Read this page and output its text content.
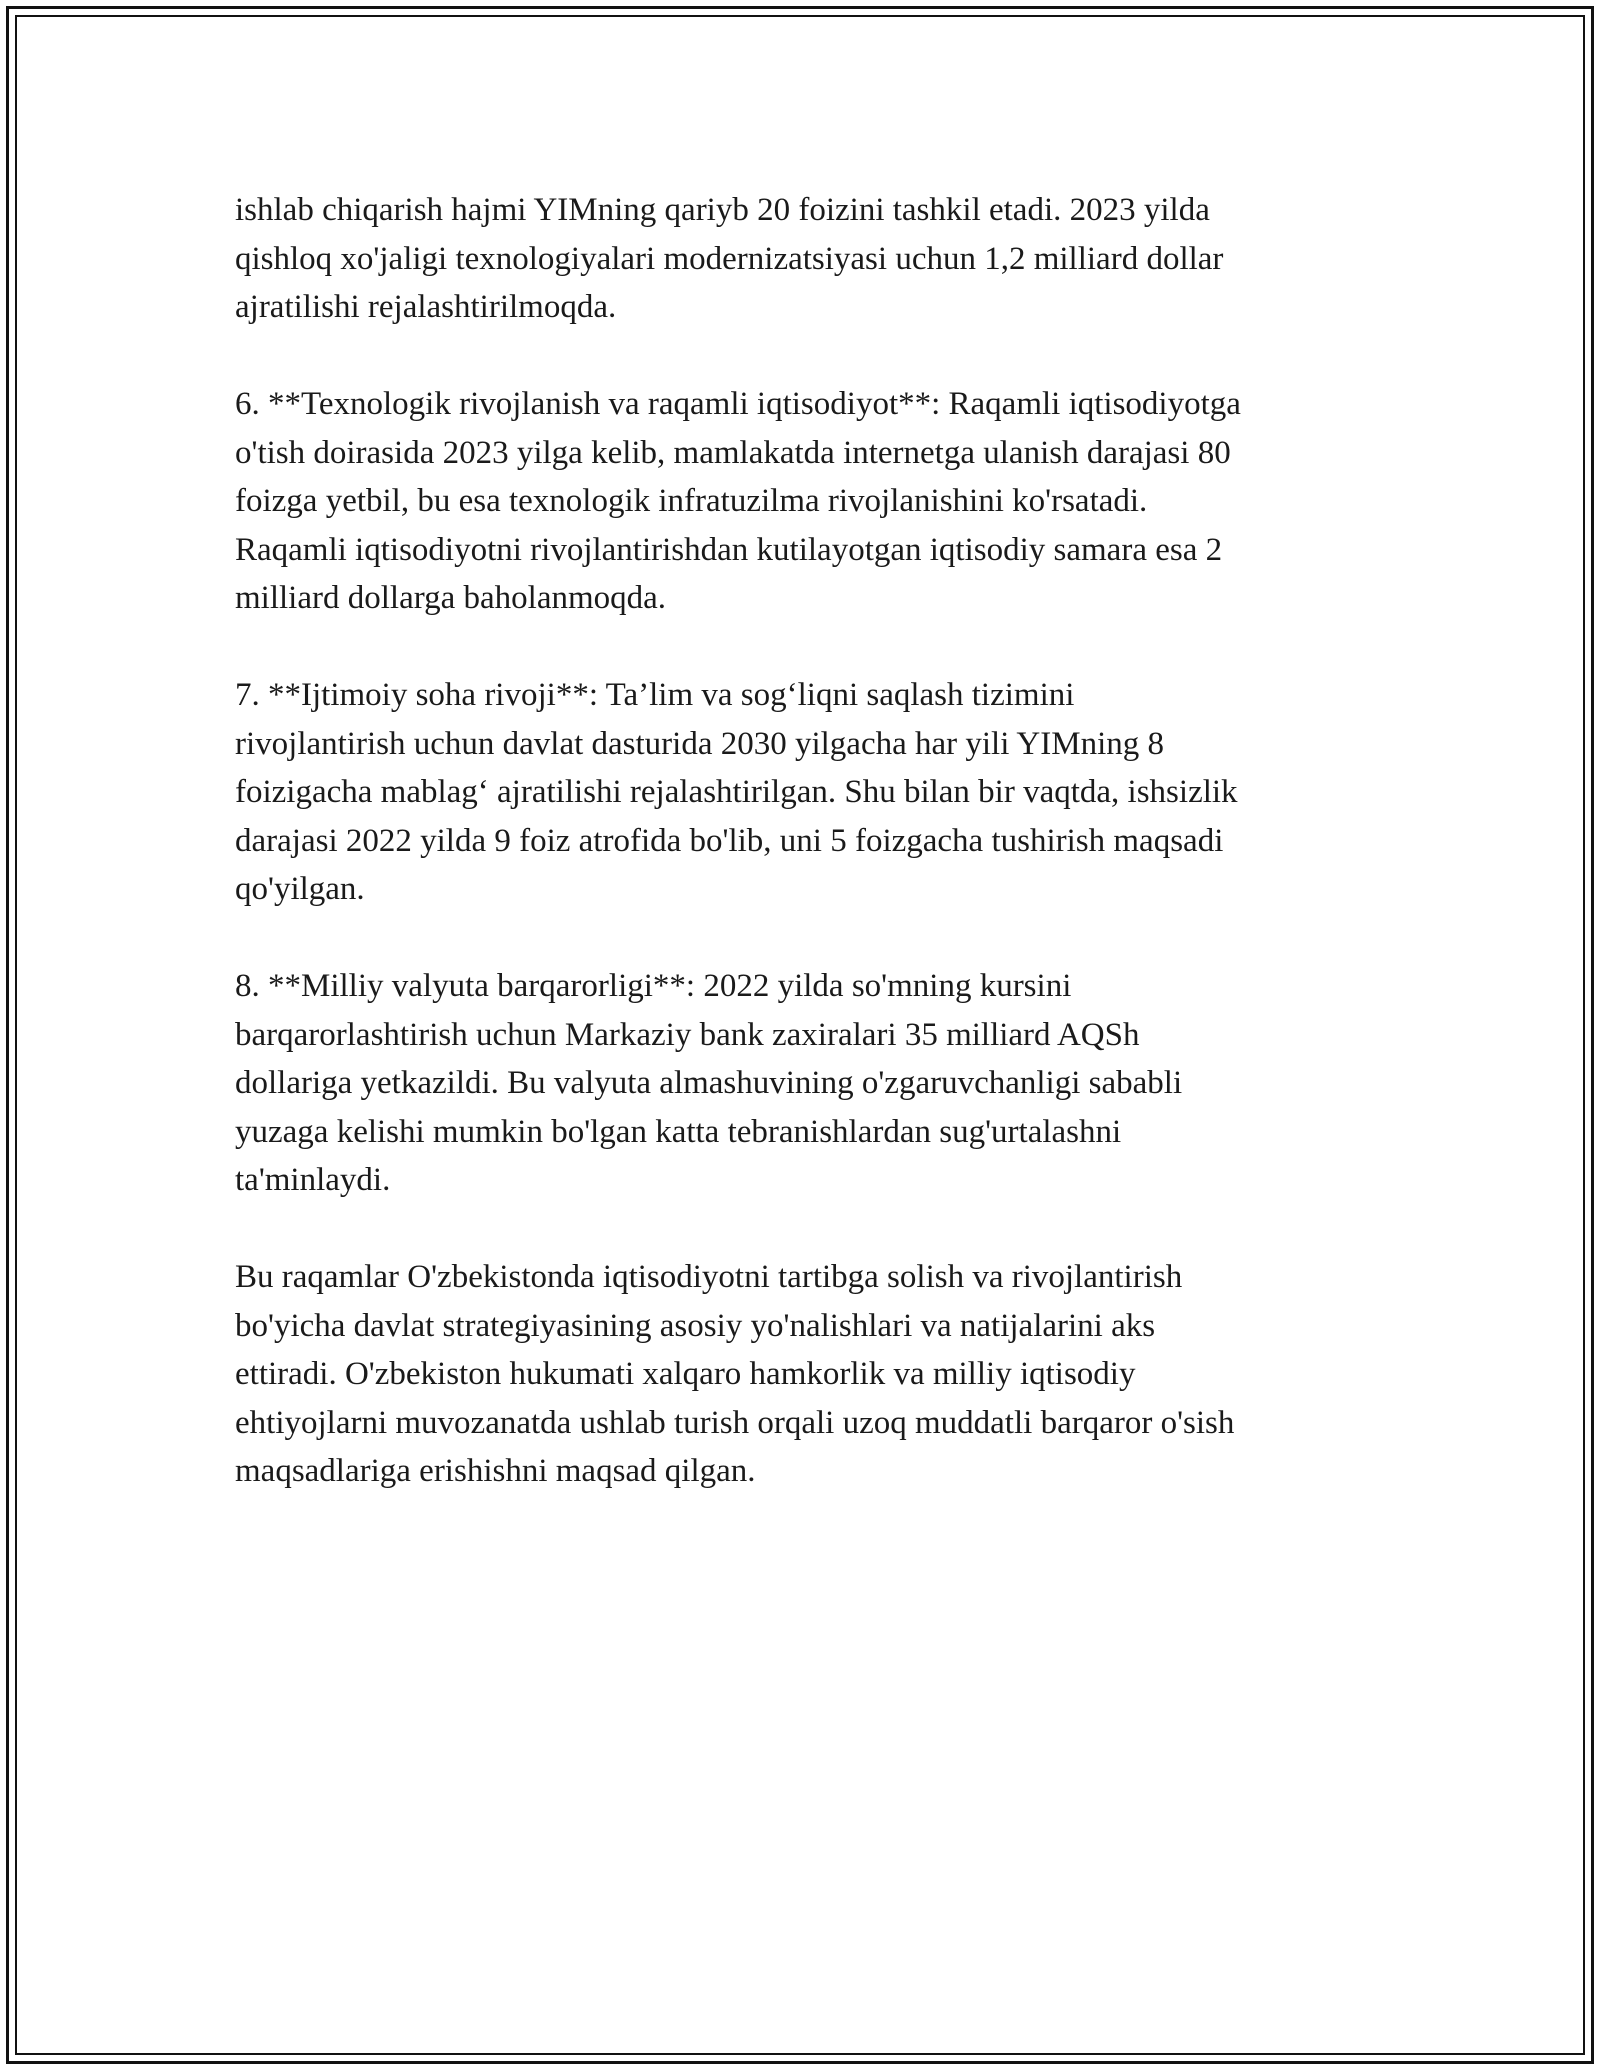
ishlab chiqarish hajmi YIMning qariyb 20 foizini tashkil etadi. 2023 yilda
qishloq xo'jaligi texnologiyalari modernizatsiyasi uchun 1,2 milliard dollar
ajratilishi rejalashtirilmoqda.

6. **Texnologik rivojlanish va raqamli iqtisodiyot**: Raqamli iqtisodiyotga
o'tish doirasida 2023 yilga kelib, mamlakatda internetga ulanish darajasi 80
foizga yetbil, bu esa texnologik infratuzilma rivojlanishini ko'rsatadi.
Raqamli iqtisodiyotni rivojlantirishdan kutilayotgan iqtisodiy samara esa 2
milliard dollarga baholanmoqda.

7. **Ijtimoiy soha rivoji**: Ta’lim va sog‘liqni saqlash tizimini
rivojlantirish uchun davlat dasturida 2030 yilgacha har yili YIMning 8
foizigacha mablag‘ ajratilishi rejalashtirilgan. Shu bilan bir vaqtda, ishsizlik
darajasi 2022 yilda 9 foiz atrofida bo'lib, uni 5 foizgacha tushirish maqsadi
qo'yilgan.

8. **Milliy valyuta barqarorligi**: 2022 yilda so'mning kursini
barqarorlashtirish uchun Markaziy bank zaxiralari 35 milliard AQSh
dollariga yetkazildi. Bu valyuta almashuvining o'zgaruvchanligi sababli
yuzaga kelishi mumkin bo'lgan katta tebranishlardan sug'urtalashni
ta'minlaydi.

Bu raqamlar O'zbekistonda iqtisodiyotni tartibga solish va rivojlantirish
bo'yicha davlat strategiyasining asosiy yo'nalishlari va natijalarini aks
ettiradi. O'zbekiston hukumati xalqaro hamkorlik va milliy iqtisodiy
ehtiyojlarni muvozanatda ushlab turish orqali uzoq muddatli barqaror o'sish
maqsadlariga erishishni maqsad qilgan.
